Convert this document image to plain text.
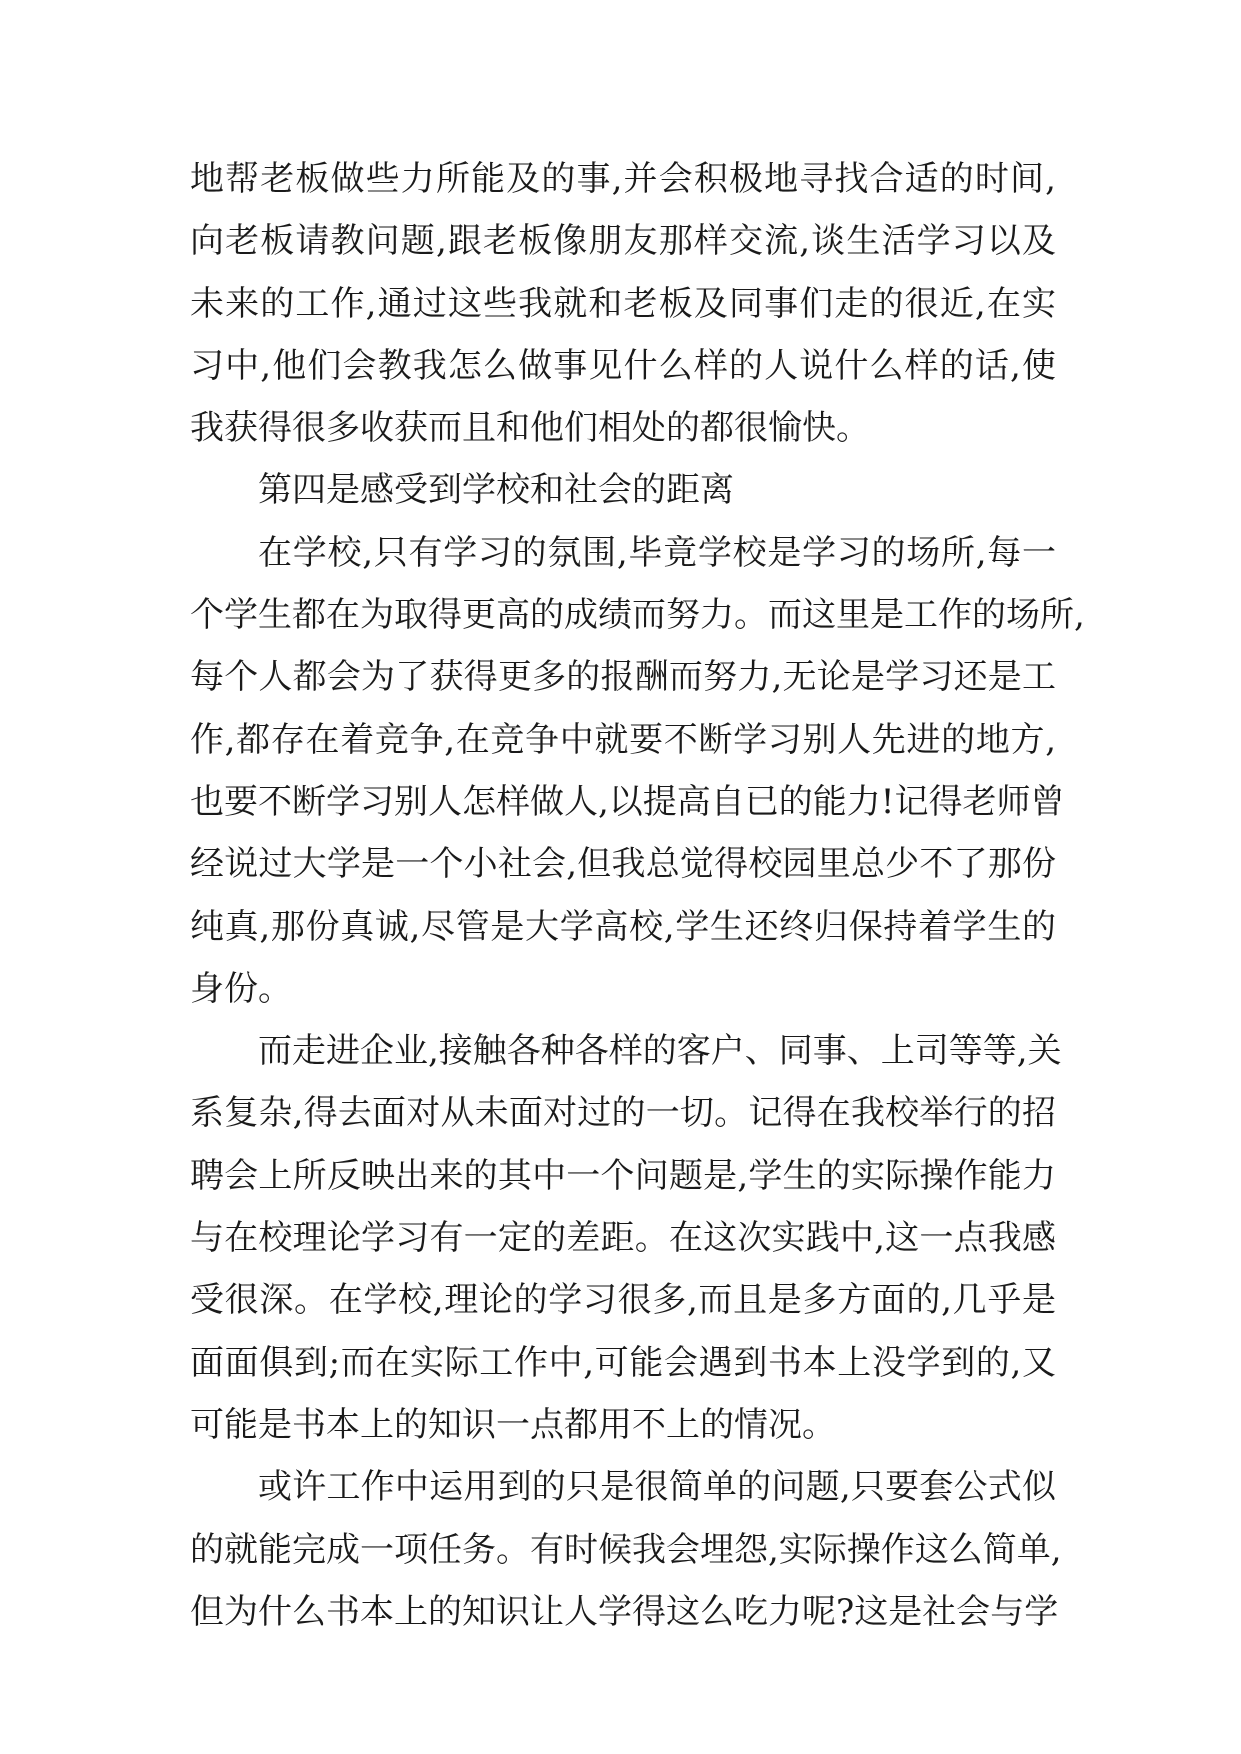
地帮老板做些力所能及的事,并会积极地寻找合适的时间,
向老板请教问题,跟老板像朋友那样交流,谈生活学习以及
未来的工作,通过这些我就和老板及同事们走的很近,在实
习中,他们会教我怎么做事见什么样的人说什么样的话,使
我获得很多收获而且和他们相处的都很愉快。
第四是感受到学校和社会的距离
在学校,只有学习的氛围,毕竟学校是学习的场所,每一
个学生都在为取得更高的成绩而努力。而这里是工作的场所,
每个人都会为了获得更多的报酬而努力,无论是学习还是工
作,都存在着竞争,在竞争中就要不断学习别人先进的地方,
也要不断学习别人怎样做人,以提高自已的能力!记得老师曾
经说过大学是一个小社会,但我总觉得校园里总少不了那份
纯真,那份真诚,尽管是大学高校,学生还终归保持着学生的
身份。
而走进企业,接触各种各样的客户、同事、上司等等,关
系复杂,得去面对从未面对过的一切。记得在我校举行的招
聘会上所反映出来的其中一个问题是,学生的实际操作能力
与在校理论学习有一定的差距。在这次实践中,这一点我感
受很深。在学校,理论的学习很多,而且是多方面的,几乎是
面面俱到;而在实际工作中,可能会遇到书本上没学到的,又
可能是书本上的知识一点都用不上的情况。
或许工作中运用到的只是很简单的问题,只要套公式似
的就能完成一项任务。有时候我会埋怨,实际操作这么简单,
但为什么书本上的知识让人学得这么吃力呢?这是社会与学
